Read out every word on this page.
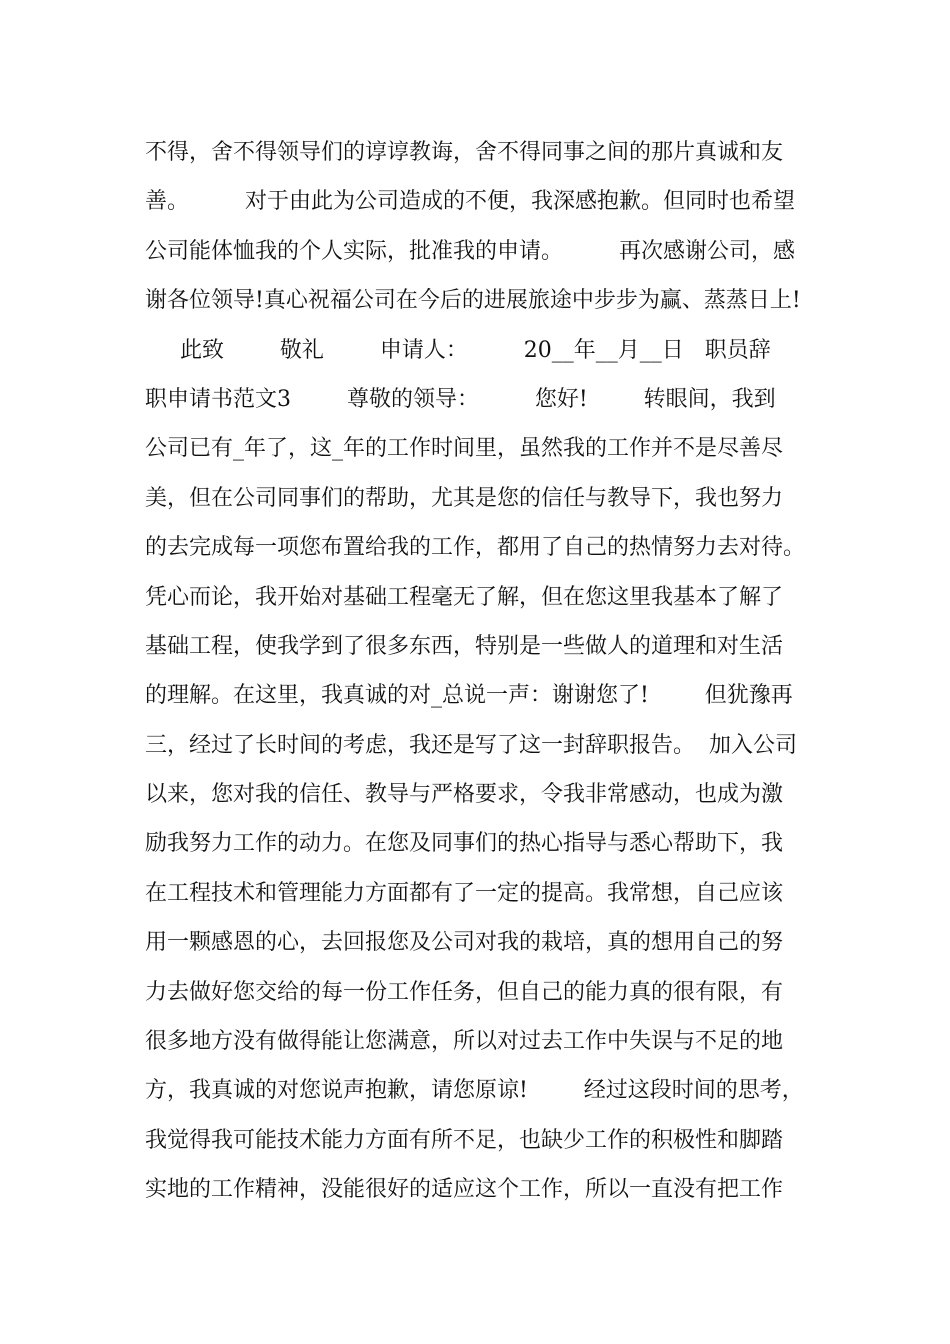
不得，舍不得领导们的谆谆教诲，舍不得同事之间的那片真诚和友
善。        对于由此为公司造成的不便，我深感抱歉。但同时也希望
公司能体恤我的个人实际，批准我的申请。        再次感谢公司，感
谢各位领导!真心祝福公司在今后的进展旅途中步步为赢、蒸蒸日上!
此致        敬礼        申请人：        20__年__月__日   职员辞
职申请书范文3        尊敬的领导：        您好!        转眼间，我到
公司已有_年了，这_年的工作时间里，虽然我的工作并不是尽善尽
美，但在公司同事们的帮助，尤其是您的信任与教导下，我也努力
的去完成每一项您布置给我的工作，都用了自己的热情努力去对待。
凭心而论，我开始对基础工程毫无了解，但在您这里我基本了解了
基础工程，使我学到了很多东西，特别是一些做人的道理和对生活
的理解。在这里，我真诚的对_总说一声：谢谢您了!        但犹豫再
三，经过了长时间的考虑，我还是写了这一封辞职报告。  加入公司
以来，您对我的信任、教导与严格要求，令我非常感动，也成为激
励我努力工作的动力。在您及同事们的热心指导与悉心帮助下，我
在工程技术和管理能力方面都有了一定的提高。我常想，自己应该
用一颗感恩的心，去回报您及公司对我的栽培，真的想用自己的努
力去做好您交给的每一份工作任务，但自己的能力真的很有限，有
很多地方没有做得能让您满意，所以对过去工作中失误与不足的地
方，我真诚的对您说声抱歉，请您原谅!        经过这段时间的思考，
我觉得我可能技术能力方面有所不足，也缺少工作的积极性和脚踏
实地的工作精神，没能很好的适应这个工作，所以一直没有把工作
